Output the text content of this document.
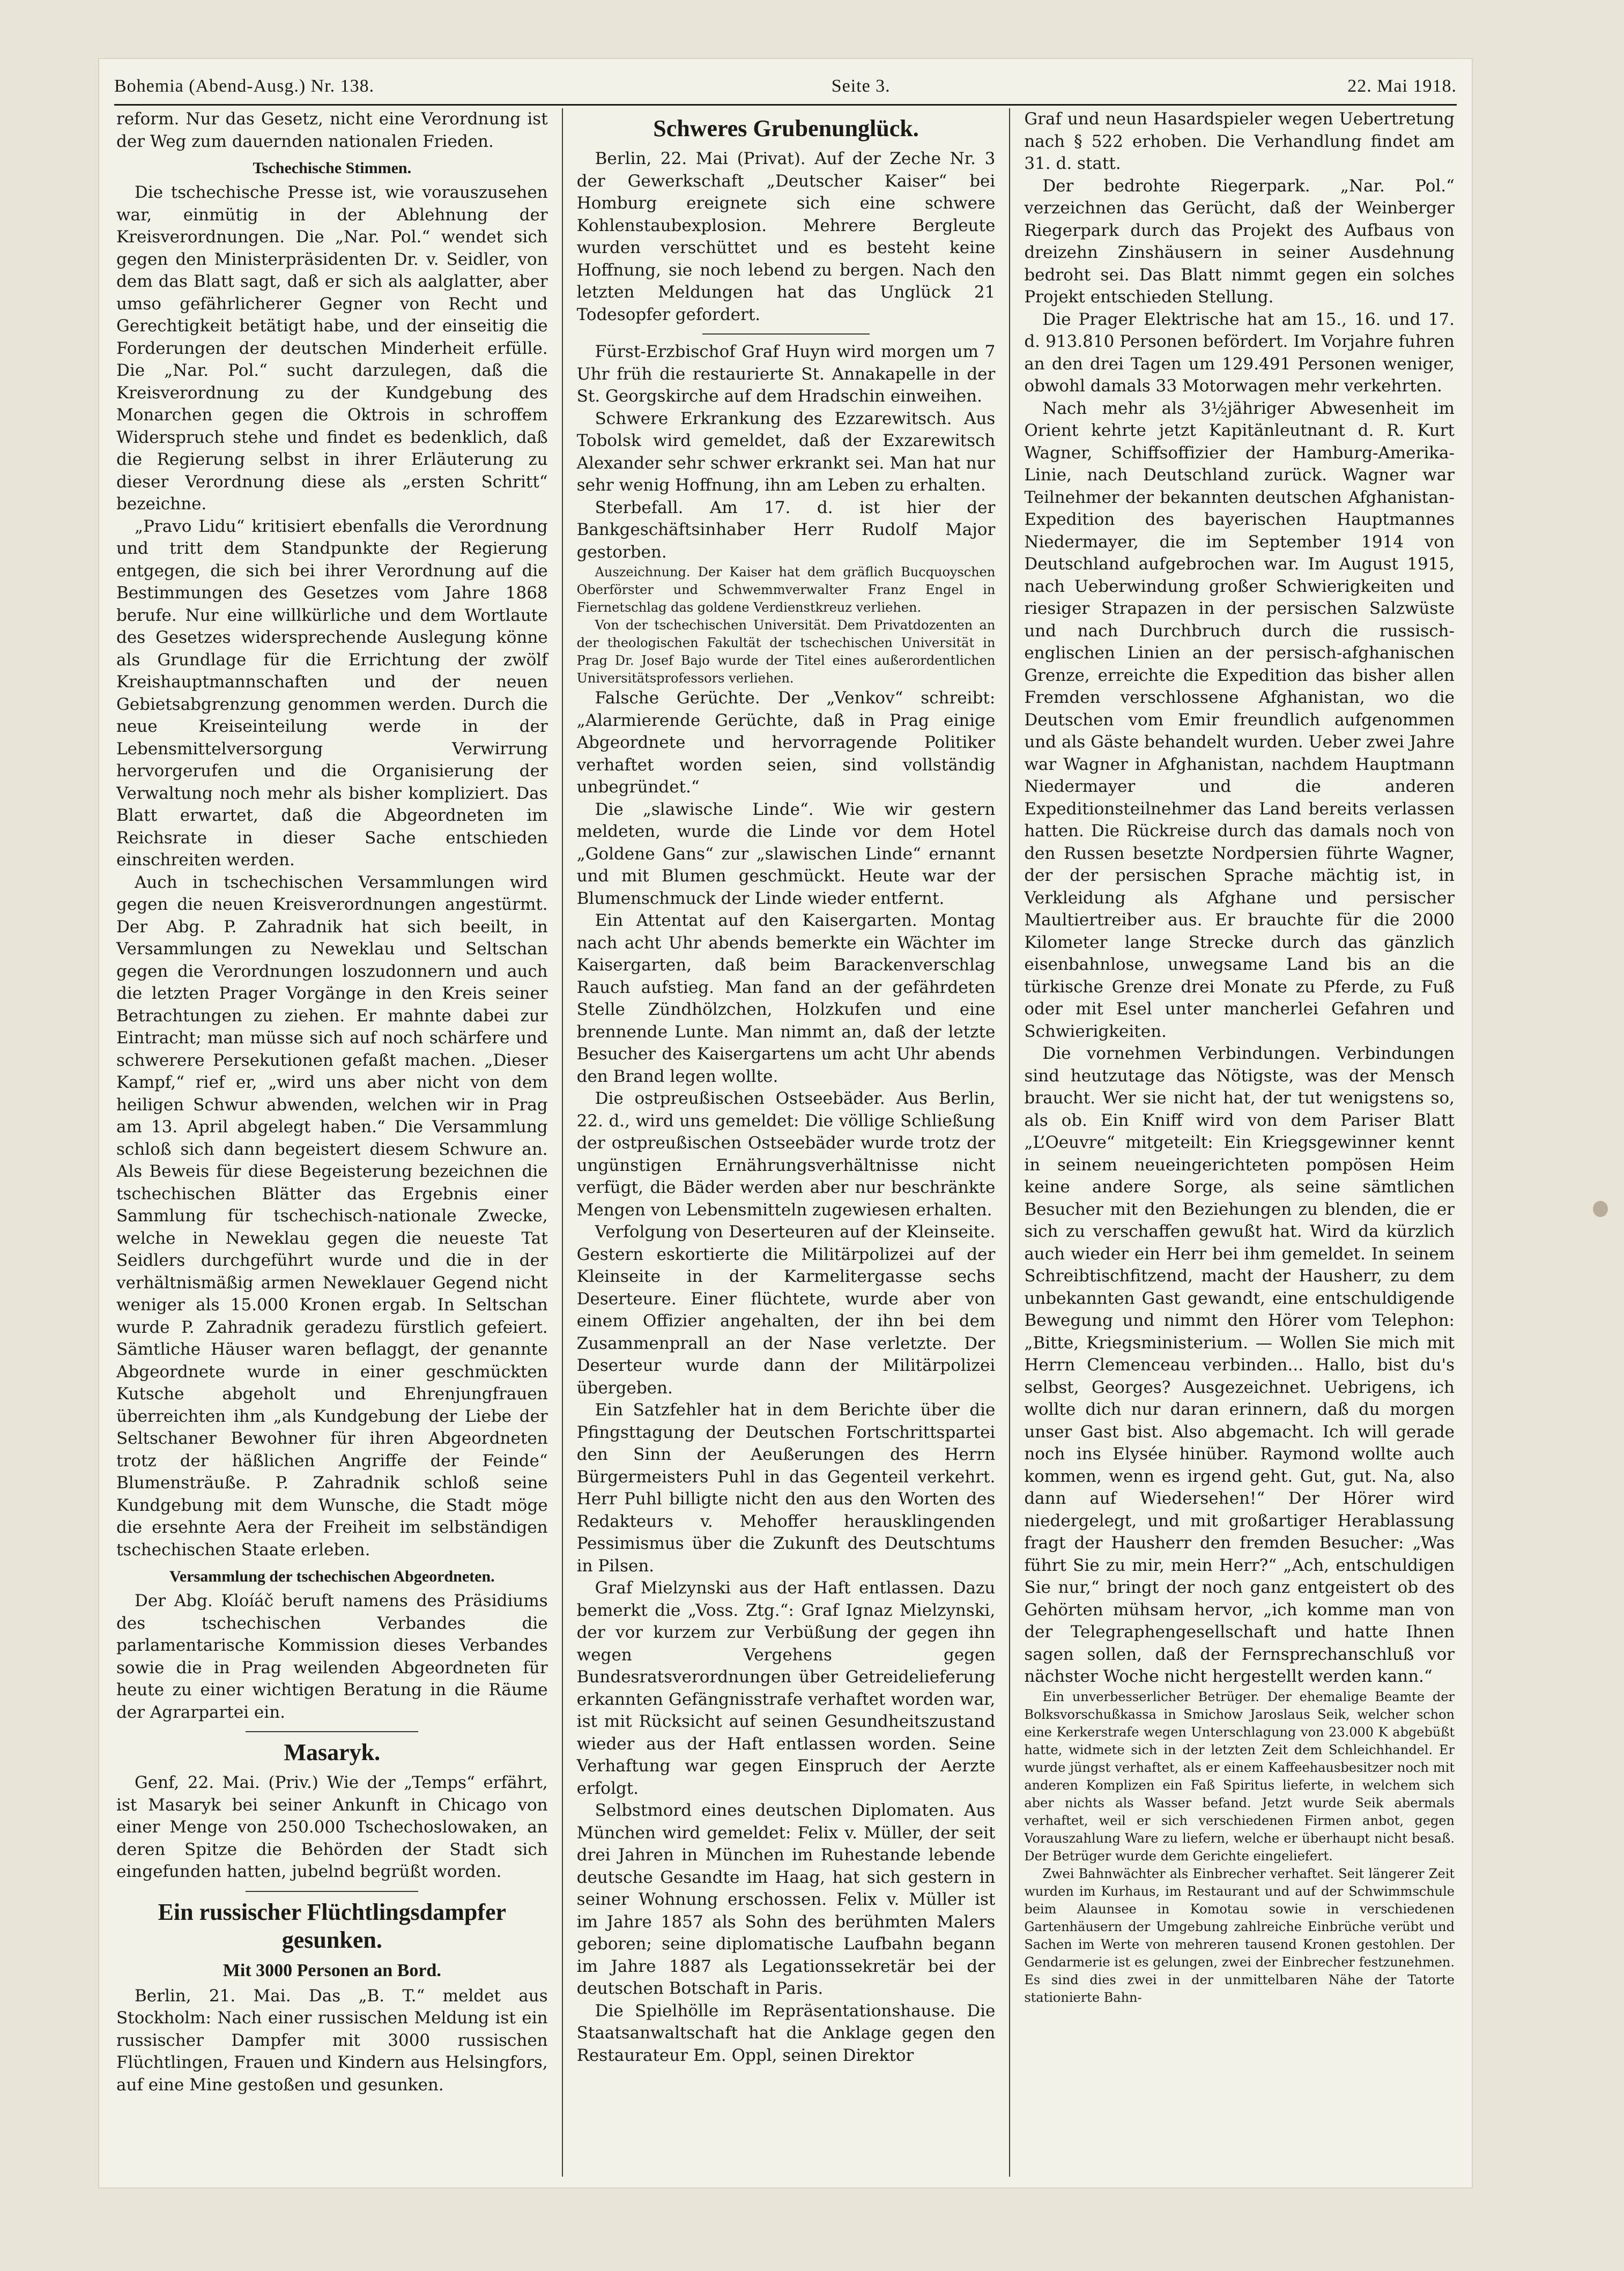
Bohemia (Abend-Ausg.) Nr. 138.	Seite 3.	22. Mai 1918.

reform. Nur das Gesetz, nicht eine Verordnung ist der Weg zum dauernden nationalen Frieden.

Tschechische Stimmen.

Die tschechische Presse ist, wie vorauszusehen war, einmütig in der Ablehnung der Kreisverordnungen. Die „Nar. Pol.“ wendet sich gegen den Ministerpräsidenten Dr. v. Seidler, von dem das Blatt sagt, daß er sich als aalglatter, aber umso gefährlicherer Gegner von Recht und Gerechtigkeit betätigt habe, und der einseitig die Forderungen der deutschen Minderheit erfülle. Die „Nar. Pol.“ sucht darzulegen, daß die Kreisverordnung zu der Kundgebung des Monarchen gegen die Oktrois in schroffem Widerspruch stehe und findet es bedenklich, daß die Regierung selbst in ihrer Erläuterung zu dieser Verordnung diese als „ersten Schritt“ bezeichne.

„Pravo Lidu“ kritisiert ebenfalls die Verordnung und tritt dem Standpunkte der Regierung entgegen, die sich bei ihrer Verordnung auf die Bestimmungen des Gesetzes vom Jahre 1868 berufe. Nur eine willkürliche und dem Wortlaute des Gesetzes widersprechende Auslegung könne als Grundlage für die Errichtung der zwölf Kreishauptmannschaften und der neuen Gebietsabgrenzung genommen werden. Durch die neue Kreiseinteilung werde in der Lebensmittelversorgung Verwirrung hervorgerufen und die Organisierung der Verwaltung noch mehr als bisher kompliziert. Das Blatt erwartet, daß die Abgeordneten im Reichsrate in dieser Sache entschieden einschreiten werden.

Auch in tschechischen Versammlungen wird gegen die neuen Kreisverordnungen angestürmt. Der Abg. P. Zahradnik hat sich beeilt, in Versammlungen zu Neweklau und Seltschan gegen die Verordnungen loszudonnern und auch die letzten Prager Vorgänge in den Kreis seiner Betrachtungen zu ziehen. Er mahnte dabei zur Eintracht; man müsse sich auf noch schärfere und schwerere Persekutionen gefaßt machen. „Dieser Kampf,“ rief er, „wird uns aber nicht von dem heiligen Schwur abwenden, welchen wir in Prag am 13. April abgelegt haben.“ Die Versammlung schloß sich dann begeistert diesem Schwure an. Als Beweis für diese Begeisterung bezeichnen die tschechischen Blätter das Ergebnis einer Sammlung für tschechisch-nationale Zwecke, welche in Neweklau gegen die neueste Tat Seidlers durchgeführt wurde und die in der verhältnismäßig armen Neweklauer Gegend nicht weniger als 15.000 Kronen ergab. In Seltschan wurde P. Zahradnik geradezu fürstlich gefeiert. Sämtliche Häuser waren beflaggt, der genannte Abgeordnete wurde in einer geschmückten Kutsche abgeholt und Ehrenjungfrauen überreichten ihm „als Kundgebung der Liebe der Seltschaner Bewohner für ihren Abgeordneten trotz der häßlichen Angriffe der Feinde“ Blumensträuße. P. Zahradnik schloß seine Kundgebung mit dem Wunsche, die Stadt möge die ersehnte Aera der Freiheit im selbständigen tschechischen Staate erleben.

Versammlung der tschechischen Abgeordneten.

Der Abg. Kloíáč beruft namens des Präsidiums des tschechischen Verbandes die parlamentarische Kommission dieses Verbandes sowie die in Prag weilenden Abgeordneten für heute zu einer wichtigen Beratung in die Räume der Agrarpartei ein.

Masaryk.

Genf, 22. Mai. (Priv.) Wie der „Temps“ erfährt, ist Masaryk bei seiner Ankunft in Chicago von einer Menge von 250.000 Tschechoslowaken, an deren Spitze die Behörden der Stadt sich eingefunden hatten, jubelnd begrüßt worden.

Ein russischer Flüchtlingsdampfer gesunken.
Mit 3000 Personen an Bord.

Berlin, 21. Mai. Das „B. T.“ meldet aus Stockholm: Nach einer russischen Meldung ist ein russischer Dampfer mit 3000 russischen Flüchtlingen, Frauen und Kindern aus Helsingfors, auf eine Mine gestoßen und gesunken.

Schweres Grubenunglück.

Berlin, 22. Mai (Privat). Auf der Zeche Nr. 3 der Gewerkschaft „Deutscher Kaiser“ bei Homburg ereignete sich eine schwere Kohlenstaubexplosion. Mehrere Bergleute wurden verschüttet und es besteht keine Hoffnung, sie noch lebend zu bergen. Nach den letzten Meldungen hat das Unglück 21 Todesopfer gefordert.

Fürst-Erzbischof Graf Huyn wird morgen um 7 Uhr früh die restaurierte St. Annakapelle in der St. Georgskirche auf dem Hradschin einweihen.

Schwere Erkrankung des Ezzarewitsch. Aus Tobolsk wird gemeldet, daß der Exzarewitsch Alexander sehr schwer erkrankt sei. Man hat nur sehr wenig Hoffnung, ihn am Leben zu erhalten.

Sterbefall. Am 17. d. ist hier der Bankgeschäftsinhaber Herr Rudolf Major gestorben.

Auszeichnung. Der Kaiser hat dem gräflich Bucquoyschen Oberförster und Schwemmverwalter Franz Engel in Fiernetschlag das goldene Verdienstkreuz verliehen.

Von der tschechischen Universität. Dem Privatdozenten an der theologischen Fakultät der tschechischen Universität in Prag Dr. Josef Bajo wurde der Titel eines außerordentlichen Universitätsprofessors verliehen.

Falsche Gerüchte. Der „Venkov“ schreibt: „Alarmierende Gerüchte, daß in Prag einige Abgeordnete und hervorragende Politiker verhaftet worden seien, sind vollständig unbegründet.“

Die „slawische Linde“. Wie wir gestern meldeten, wurde die Linde vor dem Hotel „Goldene Gans“ zur „slawischen Linde“ ernannt und mit Blumen geschmückt. Heute war der Blumenschmuck der Linde wieder entfernt.

Ein Attentat auf den Kaisergarten. Montag nach acht Uhr abends bemerkte ein Wächter im Kaisergarten, daß beim Barackenverschlag Rauch aufstieg. Man fand an der gefährdeten Stelle Zündhölzchen, Holzkufen und eine brennende Lunte. Man nimmt an, daß der letzte Besucher des Kaisergartens um acht Uhr abends den Brand legen wollte.

Die ostpreußischen Ostseebäder. Aus Berlin, 22. d., wird uns gemeldet: Die völlige Schließung der ostpreußischen Ostseebäder wurde trotz der ungünstigen Ernährungsverhältnisse nicht verfügt, die Bäder werden aber nur beschränkte Mengen von Lebensmitteln zugewiesen erhalten.

Verfolgung von Deserteuren auf der Kleinseite. Gestern eskortierte die Militärpolizei auf der Kleinseite in der Karmelitergasse sechs Deserteure. Einer flüchtete, wurde aber von einem Offizier angehalten, der ihn bei dem Zusammenprall an der Nase verletzte. Der Deserteur wurde dann der Militärpolizei übergeben.

Ein Satzfehler hat in dem Berichte über die Pfingsttagung der Deutschen Fortschrittspartei den Sinn der Aeußerungen des Herrn Bürgermeisters Puhl in das Gegenteil verkehrt. Herr Puhl billigte nicht den aus den Worten des Redakteurs v. Mehoffer herausklingenden Pessimismus über die Zukunft des Deutschtums in Pilsen.

Graf Mielzynski aus der Haft entlassen. Dazu bemerkt die „Voss. Ztg.“: Graf Ignaz Mielzynski, der vor kurzem zur Verbüßung der gegen ihn wegen Vergehens gegen Bundesratsverordnungen über Getreidelieferung erkannten Gefängnisstrafe verhaftet worden war, ist mit Rücksicht auf seinen Gesundheitszustand wieder aus der Haft entlassen worden. Seine Verhaftung war gegen Einspruch der Aerzte erfolgt.

Selbstmord eines deutschen Diplomaten. Aus München wird gemeldet: Felix v. Müller, der seit drei Jahren in München im Ruhestande lebende deutsche Gesandte im Haag, hat sich gestern in seiner Wohnung erschossen. Felix v. Müller ist im Jahre 1857 als Sohn des berühmten Malers geboren; seine diplomatische Laufbahn begann im Jahre 1887 als Legationssekretär bei der deutschen Botschaft in Paris.

Die Spielhölle im Repräsentationshause. Die Staatsanwaltschaft hat die Anklage gegen den Restaurateur Em. Oppl, seinen Direktor

Graf und neun Hasardspieler wegen Uebertretung nach § 522 erhoben. Die Verhandlung findet am 31. d. statt.

Der bedrohte Riegerpark. „Nar. Pol.“ verzeichnen das Gerücht, daß der Weinberger Riegerpark durch das Projekt des Aufbaus von dreizehn Zinshäusern in seiner Ausdehnung bedroht sei. Das Blatt nimmt gegen ein solches Projekt entschieden Stellung.

Die Prager Elektrische hat am 15., 16. und 17. d. 913.810 Personen befördert. Im Vorjahre fuhren an den drei Tagen um 129.491 Personen weniger, obwohl damals 33 Motorwagen mehr verkehrten.

Nach mehr als 3½jähriger Abwesenheit im Orient kehrte jetzt Kapitänleutnant d. R. Kurt Wagner, Schiffsoffizier der Hamburg-Amerika-Linie, nach Deutschland zurück. Wagner war Teilnehmer der bekannten deutschen Afghanistan-Expedition des bayerischen Hauptmannes Niedermayer, die im September 1914 von Deutschland aufgebrochen war. Im August 1915, nach Ueberwindung großer Schwierigkeiten und riesiger Strapazen in der persischen Salzwüste und nach Durchbruch durch die russisch-englischen Linien an der persisch-afghanischen Grenze, erreichte die Expedition das bisher allen Fremden verschlossene Afghanistan, wo die Deutschen vom Emir freundlich aufgenommen und als Gäste behandelt wurden. Ueber zwei Jahre war Wagner in Afghanistan, nachdem Hauptmann Niedermayer und die anderen Expeditionsteilnehmer das Land bereits verlassen hatten. Die Rückreise durch das damals noch von den Russen besetzte Nordpersien führte Wagner, der der persischen Sprache mächtig ist, in Verkleidung als Afghane und persischer Maultiertreiber aus. Er brauchte für die 2000 Kilometer lange Strecke durch das gänzlich eisenbahnlose, unwegsame Land bis an die türkische Grenze drei Monate zu Pferde, zu Fuß oder mit Esel unter mancherlei Gefahren und Schwierigkeiten.

Die vornehmen Verbindungen. Verbindungen sind heutzutage das Nötigste, was der Mensch braucht. Wer sie nicht hat, der tut wenigstens so, als ob. Ein Kniff wird von dem Pariser Blatt „L’Oeuvre“ mitgeteilt: Ein Kriegsgewinner kennt in seinem neueingerichteten pompösen Heim keine andere Sorge, als seine sämtlichen Besucher mit den Beziehungen zu blenden, die er sich zu verschaffen gewußt hat. Wird da kürzlich auch wieder ein Herr bei ihm gemeldet. In seinem Schreibtischfitzend, macht der Hausherr, zu dem unbekannten Gast gewandt, eine entschuldigende Bewegung und nimmt den Hörer vom Telephon: „Bitte, Kriegsministerium. — Wollen Sie mich mit Herrn Clemenceau verbinden... Hallo, bist du's selbst, Georges? Ausgezeichnet. Uebrigens, ich wollte dich nur daran erinnern, daß du morgen unser Gast bist. Also abgemacht. Ich will gerade noch ins Elysée hinüber. Raymond wollte auch kommen, wenn es irgend geht. Gut, gut. Na, also dann auf Wiedersehen!“ Der Hörer wird niedergelegt, und mit großartiger Herablassung fragt der Hausherr den fremden Besucher: „Was führt Sie zu mir, mein Herr?“ „Ach, entschuldigen Sie nur,“ bringt der noch ganz entgeistert ob des Gehörten mühsam hervor, „ich komme man von der Telegraphengesellschaft und hatte Ihnen sagen sollen, daß der Fernsprechanschluß vor nächster Woche nicht hergestellt werden kann.“

Ein unverbesserlicher Betrüger. Der ehemalige Beamte der Bolksvorschußkassa in Smichow Jaroslaus Seik, welcher schon eine Kerkerstrafe wegen Unterschlagung von 23.000 K abgebüßt hatte, widmete sich in der letzten Zeit dem Schleichhandel. Er wurde jüngst verhaftet, als er einem Kaffeehausbesitzer noch mit anderen Komplizen ein Faß Spiritus lieferte, in welchem sich aber nichts als Wasser befand. Jetzt wurde Seik abermals verhaftet, weil er sich verschiedenen Firmen anbot, gegen Vorauszahlung Ware zu liefern, welche er überhaupt nicht besaß. Der Betrüger wurde dem Gerichte eingeliefert.

Zwei Bahnwächter als Einbrecher verhaftet. Seit längerer Zeit wurden im Kurhaus, im Restaurant und auf der Schwimmschule beim Alaunsee in Komotau sowie in verschiedenen Gartenhäusern der Umgebung zahlreiche Einbrüche verübt und Sachen im Werte von mehreren tausend Kronen gestohlen. Der Gendarmerie ist es gelungen, zwei der Einbrecher festzunehmen. Es sind dies zwei in der unmittelbaren Nähe der Tatorte stationierte Bahn-
